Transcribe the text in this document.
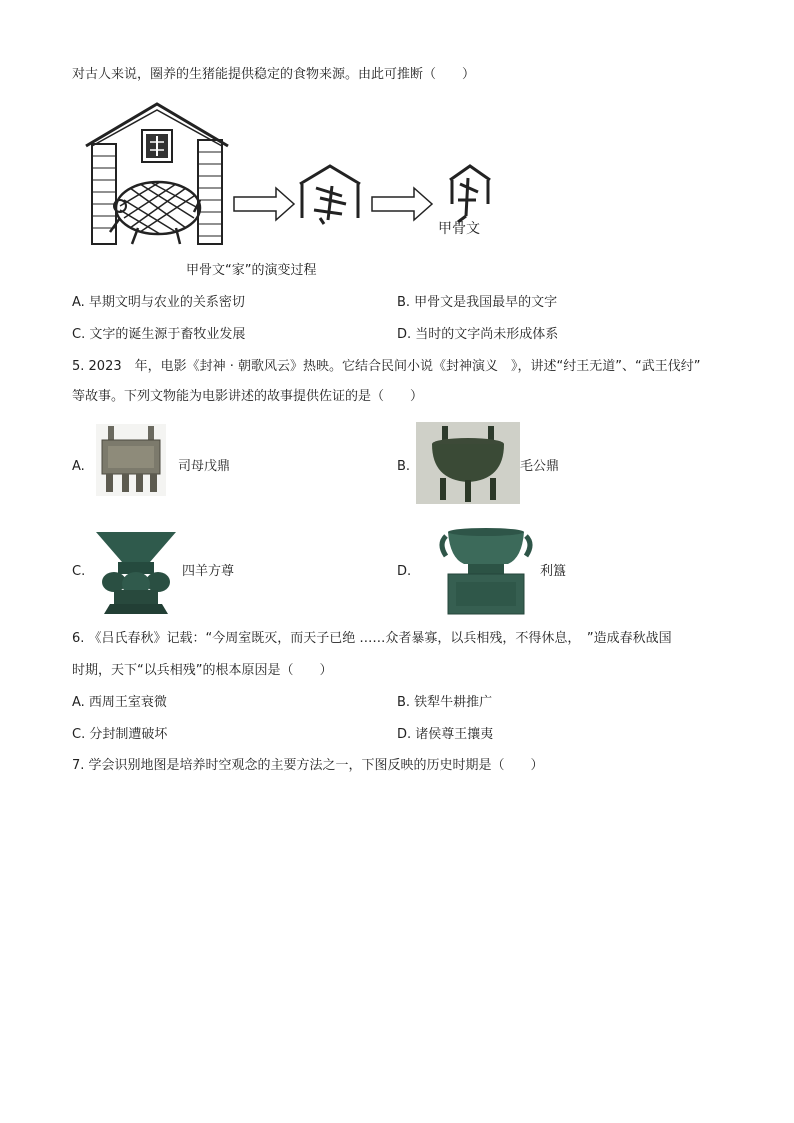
对古人来说，圈养的生猪能提供稳定的食物来源。由此可推断（　　）
甲骨文
甲骨文“家”的演变过程
A. 早期文明与农业的关系密切	B. 甲骨文是我国最早的文字
C. 文字的诞生源于畜牧业发展	D. 当时的文字尚未形成体系
5. 2023　年，电影《封神 · 朝歌风云》热映。它结合民间小说《封神演义　》，讲述“纣王无道”、“武王伐纣”
等故事。下列文物能为电影讲述的故事提供佐证的是（　　）
A.	司母戊鼎	B.	毛公鼎
C.	四羊方尊	D.	利簋
6. 《吕氏春秋》记载：“今周室既灭，而天子已绝 ……众者暴寡，以兵相残，不得休息，　”造成春秋战国
时期，天下“以兵相残”的根本原因是（　　）
A. 西周王室衰微	B. 铁犁牛耕推广
C. 分封制遭破坏	D. 诸侯尊王攘夷
7. 学会识别地图是培养时空观念的主要方法之一，下图反映的历史时期是（　　）
